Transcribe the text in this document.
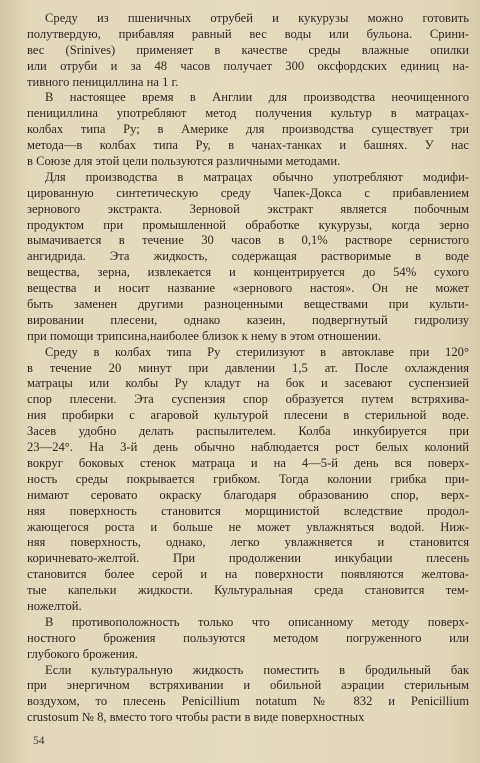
Среду из пшеничных отрубей и кукурузы можно готовить
полутвердую, прибавляя равный вес воды или бульона. Срини-
вес (Srinives) применяет в качестве среды влажные опилки
или отруби и за 48 часов получает 300 оксфордских единиц на-
тивного пенициллина на 1 г.
В настоящее время в Англии для производства неочищенного
пенициллина употребляют метод получения культур в матрацах-
колбах типа Ру; в Америке для производства существует три
метода—в колбах типа Ру, в чанах-танках и башнях. У нас
в Союзе для этой цели пользуются различными методами.
Для производства в матрацах обычно употребляют модифи-
цированную синтетическую среду Чапек-Докса с прибавлением
зернового экстракта. Зерновой экстракт является побочным
продуктом при промышленной обработке кукурузы, когда зерно
вымачивается в течение 30 часов в 0,1% растворе сернистого
ангидрида. Эта жидкость, содержащая растворимые в воде
вещества, зерна, извлекается и концентрируется до 54% сухого
вещества и носит название «зернового настоя». Он не может
быть заменен другими разноценными веществами при культи-
вировании плесени, однако казеин, подвергнутый гидролизу
при помощи трипсина,наиболее близок к нему в этом отношении.
Среду в колбах типа Ру стерилизуют в автоклаве при 120°
в течение 20 минут при давлении 1,5 ат. После охлаждения
матрацы или колбы Ру кладут на бок и засевают суспензией
спор плесени. Эта суспензия спор образуется путем встряхива-
ния пробирки с агаровой культурой плесени в стерильной воде.
Засев удобно делать распылителем. Колба инкубируется при
23—24°. На 3-й день обычно наблюдается рост белых колоний
вокруг боковых стенок матраца и на 4—5-й день вся поверх-
ность среды покрывается грибком. Тогда колонии грибка при-
нимают серовато окраску благодаря образованию спор, верх-
няя поверхность становится морщинистой вследствие продол-
жающегося роста и больше не может увлажняться водой. Ниж-
няя поверхность, однако, легко увлажняется и становится
коричневато-желтой. При продолжении инкубации плесень
становится более серой и на поверхности появляются желтова-
тые капельки жидкости. Культуральная среда становится тем-
ножелтой.
В противоположность только что описанному методу поверх-
ностного брожения пользуются методом погруженного или
глубокого брожения.
Если культуральную жидкость поместить в бродильный бак
при энергичном встряхивании и обильной аэрации стерильным
воздухом, то плесень Penicillium notatum № 832 и Penicillium
crustosum № 8, вместо того чтобы расти в виде поверхностных
54
